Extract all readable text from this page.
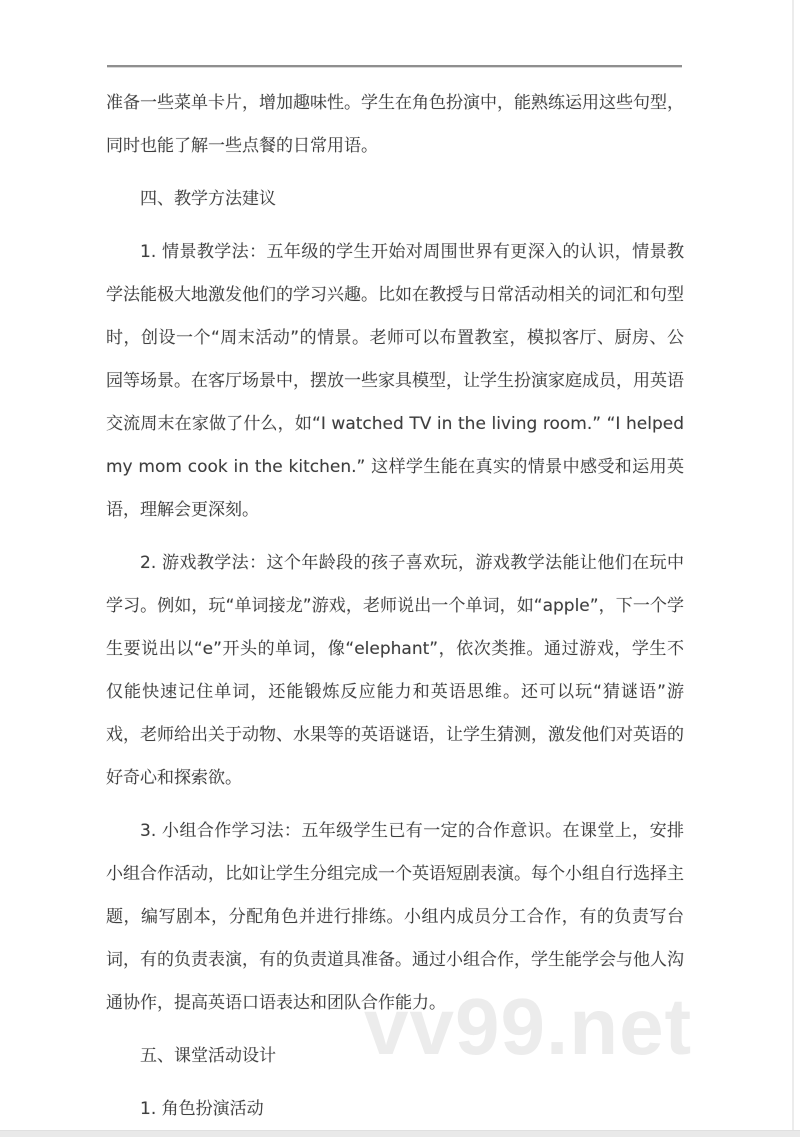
vv99.net

准备一些菜单卡片，增加趣味性。学生在角色扮演中，能熟练运用这些句型，同时也能了解一些点餐的日常用语。

四、教学方法建议

1. 情景教学法：五年级的学生开始对周围世界有更深入的认识，情景教学法能极大地激发他们的学习兴趣。比如在教授与日常活动相关的词汇和句型时，创设一个“周末活动”的情景。老师可以布置教室，模拟客厅、厨房、公园等场景。在客厅场景中，摆放一些家具模型，让学生扮演家庭成员，用英语交流周末在家做了什么，如“I watched TV in the living room.” “I helped my mom cook in the kitchen.” 这样学生能在真实的情景中感受和运用英语，理解会更深刻。

2. 游戏教学法：这个年龄段的孩子喜欢玩，游戏教学法能让他们在玩中学习。例如，玩“单词接龙”游戏，老师说出一个单词，如“apple”，下一个学生要说出以“e”开头的单词，像“elephant”，依次类推。通过游戏，学生不仅能快速记住单词，还能锻炼反应能力和英语思维。还可以玩“猜谜语”游戏，老师给出关于动物、水果等的英语谜语，让学生猜测，激发他们对英语的好奇心和探索欲。

3. 小组合作学习法：五年级学生已有一定的合作意识。在课堂上，安排小组合作活动，比如让学生分组完成一个英语短剧表演。每个小组自行选择主题，编写剧本，分配角色并进行排练。小组内成员分工合作，有的负责写台词，有的负责表演，有的负责道具准备。通过小组合作，学生能学会与他人沟通协作，提高英语口语表达和团队合作能力。

五、课堂活动设计

1. 角色扮演活动
